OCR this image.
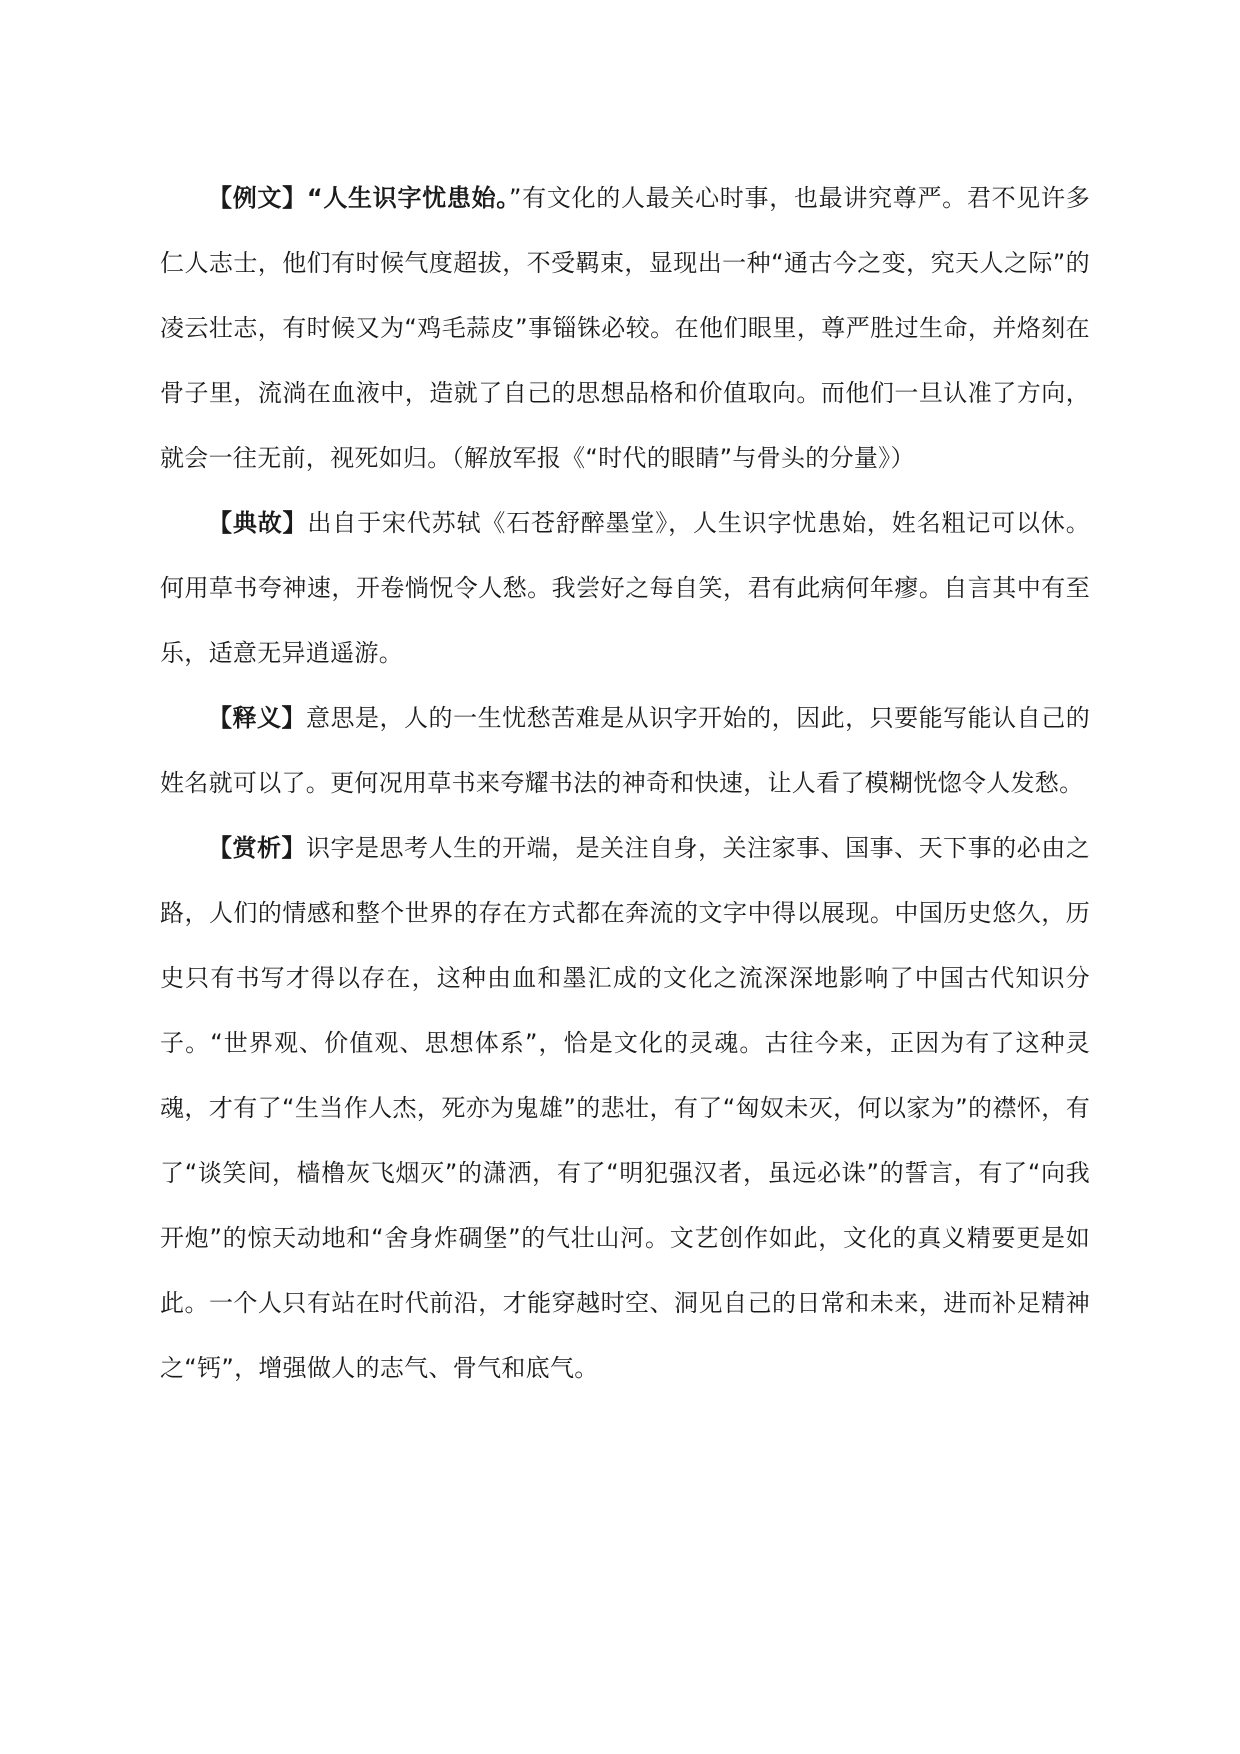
【例文】“人生识字忧患始。”有文化的人最关心时事，也最讲究尊严。君不见许多仁人志士，他们有时候气度超拔，不受羁束，显现出一种“通古今之变，究天人之际”的凌云壮志，有时候又为“鸡毛蒜皮”事锱铢必较。在他们眼里，尊严胜过生命，并烙刻在骨子里，流淌在血液中，造就了自己的思想品格和价值取向。而他们一旦认准了方向，就会一往无前，视死如归。（解放军报《“时代的眼睛”与骨头的分量》）

【典故】出自于宋代苏轼《石苍舒醉墨堂》，人生识字忧患始，姓名粗记可以休。何用草书夸神速，开卷惝怳令人愁。我尝好之每自笑，君有此病何年瘳。自言其中有至乐，适意无异逍遥游。

【释义】意思是，人的一生忧愁苦难是从识字开始的，因此，只要能写能认自己的姓名就可以了。更何况用草书来夸耀书法的神奇和快速，让人看了模糊恍惚令人发愁。

【赏析】识字是思考人生的开端，是关注自身，关注家事、国事、天下事的必由之路，人们的情感和整个世界的存在方式都在奔流的文字中得以展现。中国历史悠久，历史只有书写才得以存在，这种由血和墨汇成的文化之流深深地影响了中国古代知识分子。“世界观、价值观、思想体系”，恰是文化的灵魂。古往今来，正因为有了这种灵魂，才有了“生当作人杰，死亦为鬼雄”的悲壮，有了“匈奴未灭，何以家为”的襟怀，有了“谈笑间，樯橹灰飞烟灭”的潇洒，有了“明犯强汉者，虽远必诛”的誓言，有了“向我开炮”的惊天动地和“舍身炸碉堡”的气壮山河。文艺创作如此，文化的真义精要更是如此。一个人只有站在时代前沿，才能穿越时空、洞见自己的日常和未来，进而补足精神之“钙”，增强做人的志气、骨气和底气。
